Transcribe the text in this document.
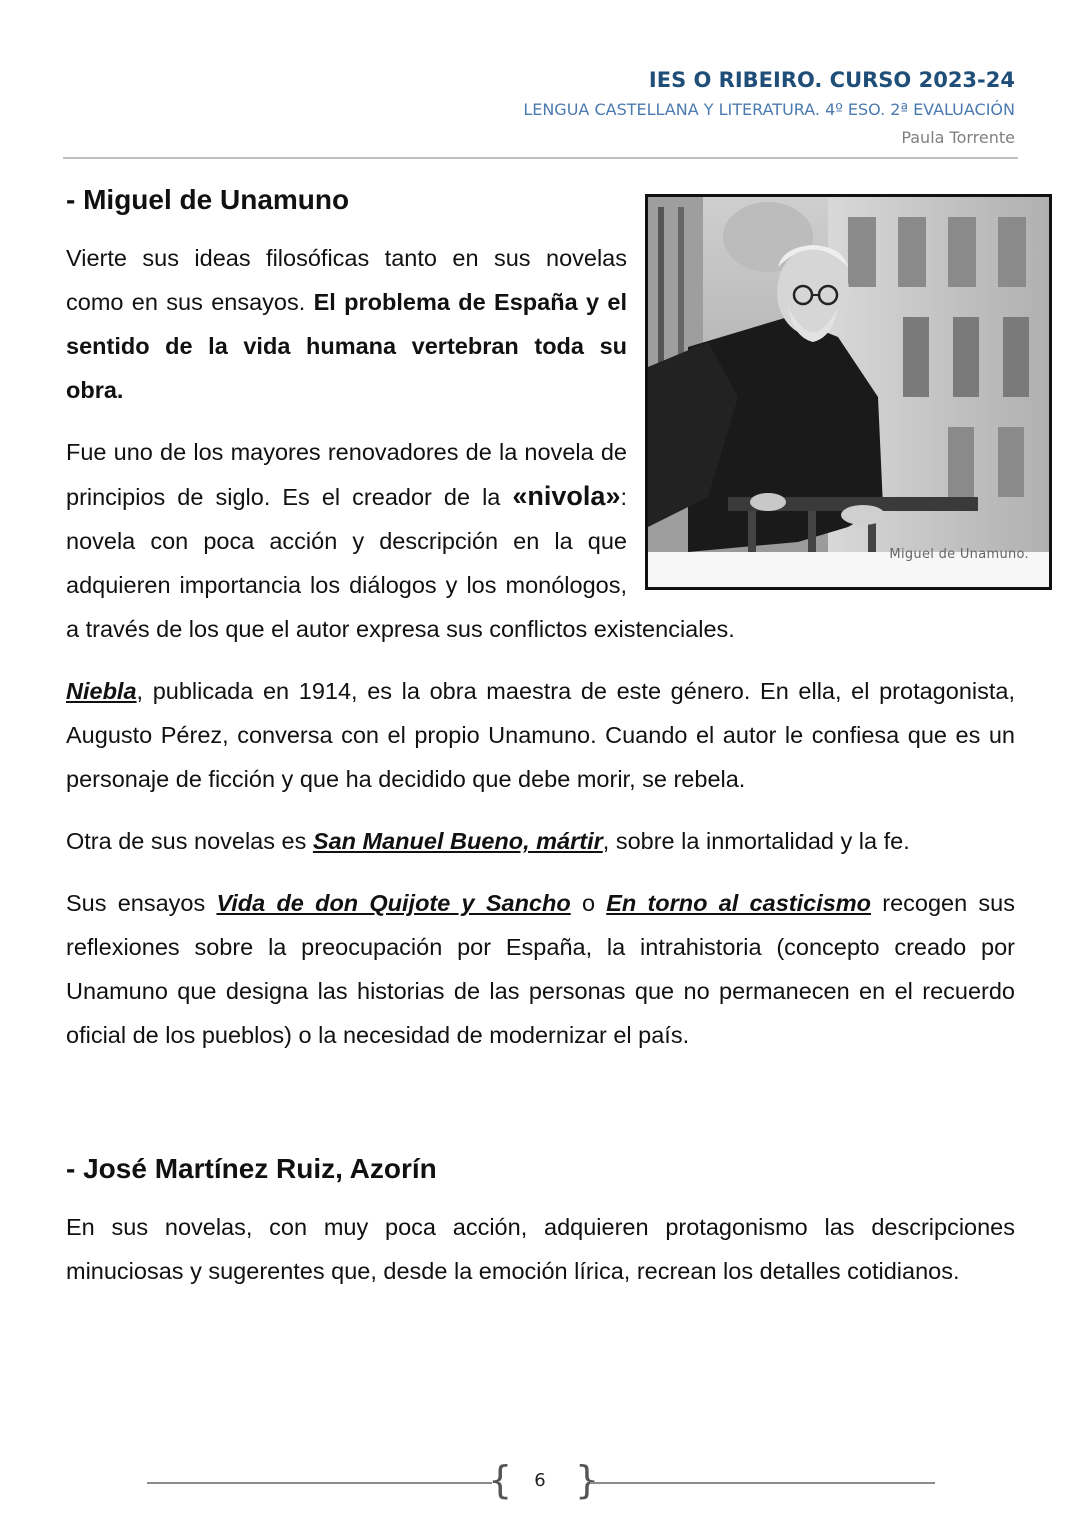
IES O RIBEIRO. CURSO 2023-24
LENGUA CASTELLANA Y LITERATURA. 4º ESO. 2ª EVALUACIÓN
Paula Torrente
- Miguel de Unamuno
Miguel de Unamuno.

Vierte sus ideas filosóficas tanto en sus novelas como en sus ensayos. El problema de España y el sentido de la vida humana vertebran toda su obra.

Fue uno de los mayores renovadores de la novela de principios de siglo. Es el creador de la «nivola»: novela con poca acción y descripción en la que adquieren importancia los diálogos y los monólogos, a través de los que el autor expresa sus conflictos existenciales.

Niebla, publicada en 1914, es la obra maestra de este género. En ella, el protagonista, Augusto Pérez, conversa con el propio Unamuno. Cuando el autor le confiesa que es un personaje de ficción y que ha decidido que debe morir, se rebela.

Otra de sus novelas es San Manuel Bueno, mártir, sobre la inmortalidad y la fe.

Sus ensayos Vida de don Quijote y Sancho o En torno al casticismo recogen sus reflexiones sobre la preocupación por España, la intrahistoria (concepto creado por Unamuno que designa las historias de las personas que no permanecen en el recuerdo oficial de los pueblos) o la necesidad de modernizar el país.

- José Martínez Ruiz, Azorín

En sus novelas, con muy poca acción, adquieren protagonismo las descripciones minuciosas y sugerentes que, desde la emoción lírica, recrean los detalles cotidianos.

{	6 }
